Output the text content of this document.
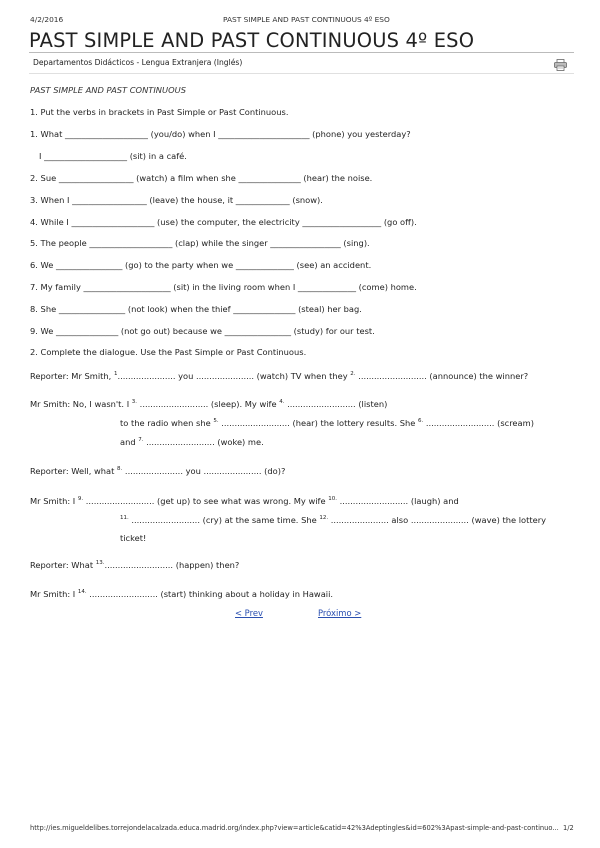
4/2/2016	PAST SIMPLE AND PAST CONTINUOUS 4º ESO
PAST SIMPLE AND PAST CONTINUOUS 4º ESO
Departamentos Didácticos - Lengua Extranjera (Inglés)
PAST SIMPLE AND PAST CONTINUOUS
1. Put the verbs in brackets in Past Simple or Past Continuous.
1. What ____________________ (you/do) when I ______________________ (phone) you yesterday?
I ____________________ (sit) in a café.
2. Sue __________________ (watch) a film when she _______________ (hear) the noise.
3. When I __________________ (leave) the house, it _____________ (snow).
4. While I ____________________ (use) the computer, the electricity ___________________ (go off).
5. The people ____________________ (clap) while the singer _________________ (sing).
6. We ________________ (go) to the party when we ______________ (see) an accident.
7. My family _____________________ (sit) in the living room when I ______________ (come) home.
8. She ________________ (not look) when the thief _______________ (steal) her bag.
9. We _______________ (not go out) because we ________________ (study) for our test.
2. Complete the dialogue. Use the Past Simple or Past Continuous.
Reporter: Mr Smith, $^1$...................... you ...................... (watch) TV when they $^{2.}$ .......................... (announce) the winner?
Mr Smith: No, I wasn't. I $^{3.}$ .......................... (sleep). My wife $^{4.}$ .......................... (listen)
to the radio when she $^{5.}$ .......................... (hear) the lottery results. She $^{6.}$ .......................... (scream)
and $^{7.}$ .......................... (woke) me.
Reporter: Well, what $^{8.}$ ...................... you ...................... (do)?
Mr Smith: I $^{9.}$ .......................... (get up) to see what was wrong. My wife $^{10.}$ .......................... (laugh) and
$^{11.}$ .......................... (cry) at the same time. She $^{12.}$ ...................... also ...................... (wave) the lottery
ticket!
Reporter: What $^{13.}$.......................... (happen) then?
Mr Smith: I $^{14.}$ .......................... (start) thinking about a holiday in Hawaii.
< Prev	Próximo >
http://ies.migueldelibes.torrejondelacalzada.educa.madrid.org/index.php?view=article&catid=42%3Adeptingles&id=602%3Apast-simple-and-past-continuo... 1/2
